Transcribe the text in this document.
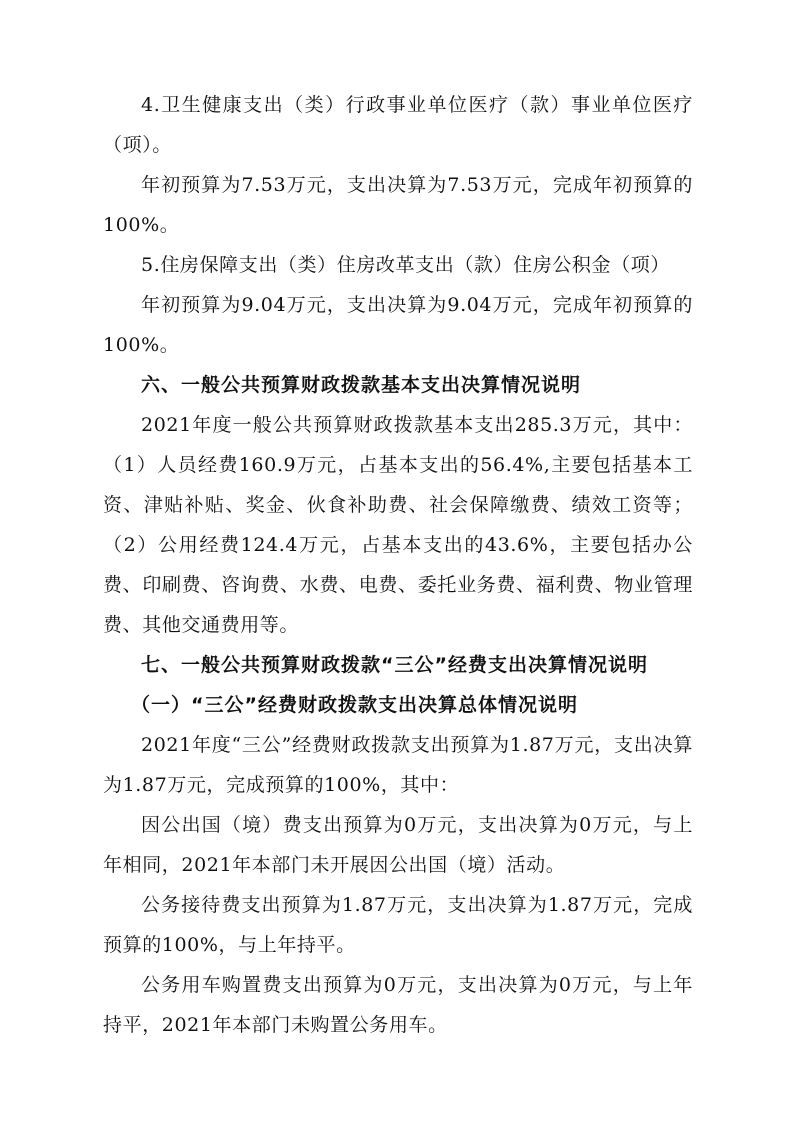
4.卫生健康支出（类）行政事业单位医疗（款）事业单位医疗（项）。

年初预算为7.53万元，支出决算为7.53万元，完成年初预算的100%。

5.住房保障支出（类）住房改革支出（款）住房公积金（项）

年初预算为9.04万元，支出决算为9.04万元，完成年初预算的100%。

六、一般公共预算财政拨款基本支出决算情况说明

2021年度一般公共预算财政拨款基本支出285.3万元，其中：（1）人员经费160.9万元，占基本支出的56.4%,主要包括基本工资、津贴补贴、奖金、伙食补助费、社会保障缴费、绩效工资等；（2）公用经费124.4万元，占基本支出的43.6%，主要包括办公费、印刷费、咨询费、水费、电费、委托业务费、福利费、物业管理费、其他交通费用等。

七、一般公共预算财政拨款“三公”经费支出决算情况说明

（一）“三公”经费财政拨款支出决算总体情况说明

2021年度“三公”经费财政拨款支出预算为1.87万元，支出决算为1.87万元，完成预算的100%，其中：

因公出国（境）费支出预算为0万元，支出决算为0万元，与上年相同，2021年本部门未开展因公出国（境）活动。

公务接待费支出预算为1.87万元，支出决算为1.87万元，完成预算的100%，与上年持平。

公务用车购置费支出预算为0万元，支出决算为0万元，与上年持平，2021年本部门未购置公务用车。
